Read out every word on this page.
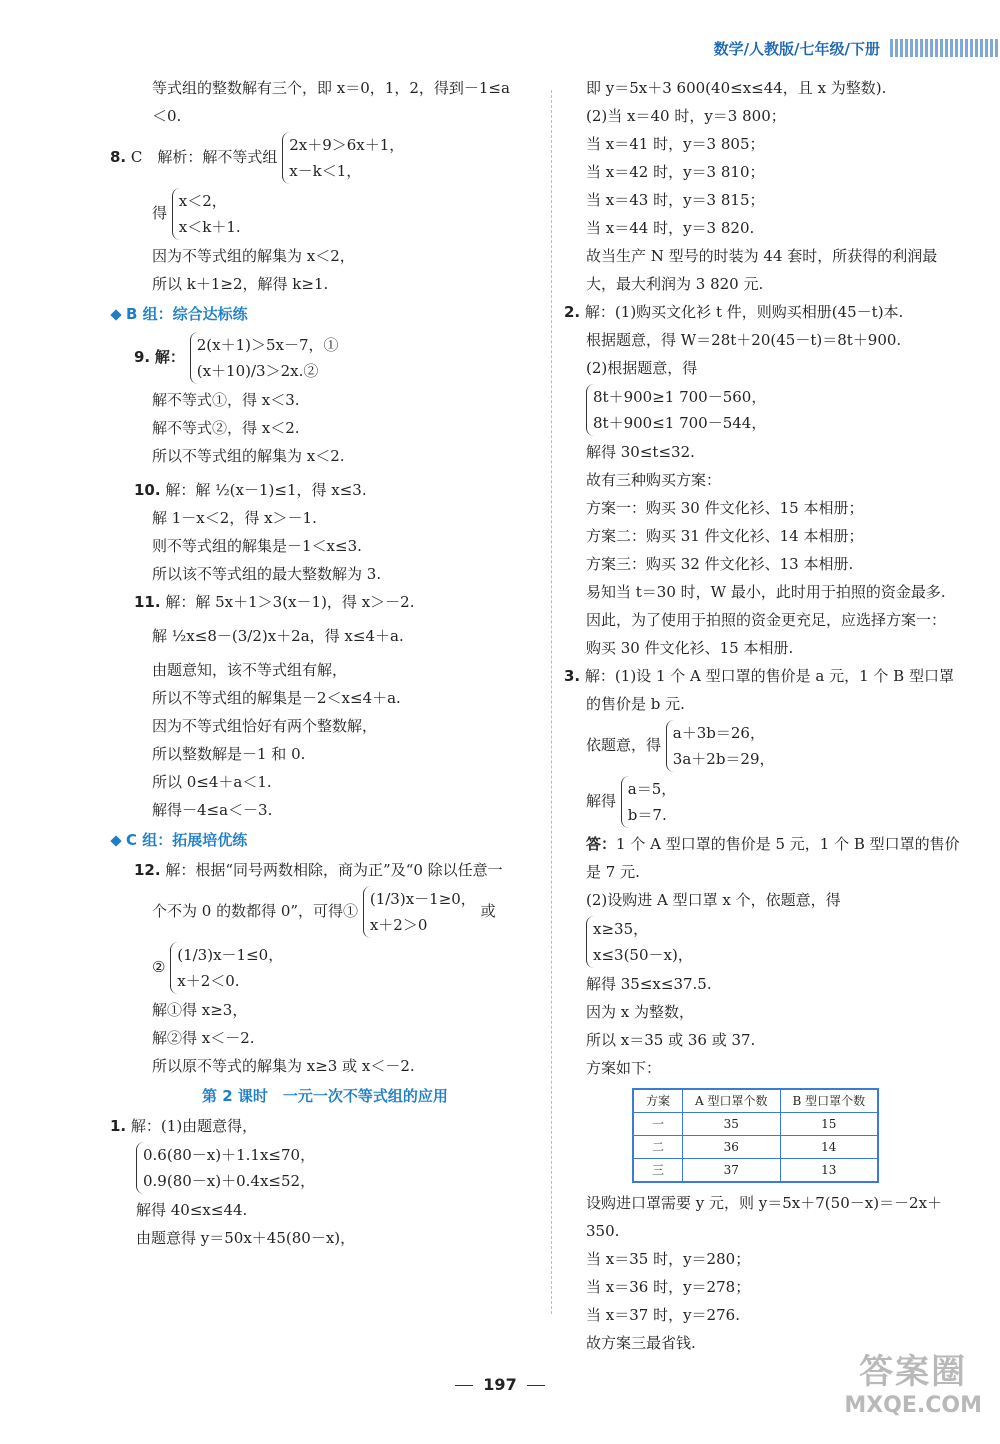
数学/人教版/七年级/下册
等式组的整数解有三个，即 x＝0，1，2，得到－1≤a
＜0.
8. C　解析：解不等式组
2x＋9＞6x＋1，
x－k＜1，
得
x＜2，
x＜k＋1.
因为不等式组的解集为 x＜2，
所以 k＋1≥2，解得 k≥1.
B 组：综合达标练
9. 解：
2(x＋1)＞5x－7，①
(x＋10)/3＞2x.②
解不等式①，得 x＜3.
解不等式②，得 x＜2.
所以不等式组的解集为 x＜2.
10. 解：解 ½(x－1)≤1，得 x≤3.
解 1－x＜2，得 x＞－1.
则不等式组的解集是－1＜x≤3.
所以该不等式组的最大整数解为 3.
11. 解：解 5x＋1＞3(x－1)，得 x＞－2.
解 ½x≤8－(3/2)x＋2a，得 x≤4＋a.
由题意知，该不等式组有解，
所以不等式组的解集是－2＜x≤4＋a.
因为不等式组恰好有两个整数解，
所以整数解是－1 和 0.
所以 0≤4＋a＜1.
解得－4≤a＜－3.
C 组：拓展培优练
12. 解：根据“同号两数相除，商为正”及“0 除以任意一
个不为 0 的数都得 0”，可得①
(1/3)x－1≥0，
x＋2＞0
或
②
(1/3)x－1≤0，
x＋2＜0.
解①得 x≥3，
解②得 x＜－2.
所以原不等式的解集为 x≥3 或 x＜－2.
第 2 课时　一元一次不等式组的应用
1. 解：(1)由题意得，
0.6(80－x)＋1.1x≤70，
0.9(80－x)＋0.4x≤52，
解得 40≤x≤44.
由题意得 y＝50x＋45(80－x)，
即 y＝5x＋3 600(40≤x≤44，且 x 为整数).
(2)当 x＝40 时，y＝3 800；
当 x＝41 时，y＝3 805；
当 x＝42 时，y＝3 810；
当 x＝43 时，y＝3 815；
当 x＝44 时，y＝3 820.
故当生产 N 型号的时装为 44 套时，所获得的利润最
大，最大利润为 3 820 元.
2. 解：(1)购买文化衫 t 件，则购买相册(45－t)本.
根据题意，得 W＝28t＋20(45－t)＝8t＋900.
(2)根据题意，得
8t＋900≥1 700－560，
8t＋900≤1 700－544，
解得 30≤t≤32.
故有三种购买方案：
方案一：购买 30 件文化衫、15 本相册；
方案二：购买 31 件文化衫、14 本相册；
方案三：购买 32 件文化衫、13 本相册.
易知当 t＝30 时，W 最小，此时用于拍照的资金最多.
因此，为了使用于拍照的资金更充足，应选择方案一：
购买 30 件文化衫、15 本相册.
3. 解：(1)设 1 个 A 型口罩的售价是 a 元，1 个 B 型口罩
的售价是 b 元.
依题意，得
a＋3b＝26，
3a＋2b＝29，
解得
a＝5，
b＝7.
答：1 个 A 型口罩的售价是 5 元，1 个 B 型口罩的售价
是 7 元.
(2)设购进 A 型口罩 x 个，依题意，得
x≥35，
x≤3(50－x)，
解得 35≤x≤37.5.
因为 x 为整数，
所以 x＝35 或 36 或 37.
方案如下：
方案	A 型口罩个数	B 型口罩个数
一	35	15
二	36	14
三	37	13
设购进口罩需要 y 元，则 y＝5x＋7(50－x)＝－2x＋
350.
当 x＝35 时，y＝280；
当 x＝36 时，y＝278；
当 x＝37 时，y＝276.
故方案三最省钱.
197	答案圈
MXQE.COM
